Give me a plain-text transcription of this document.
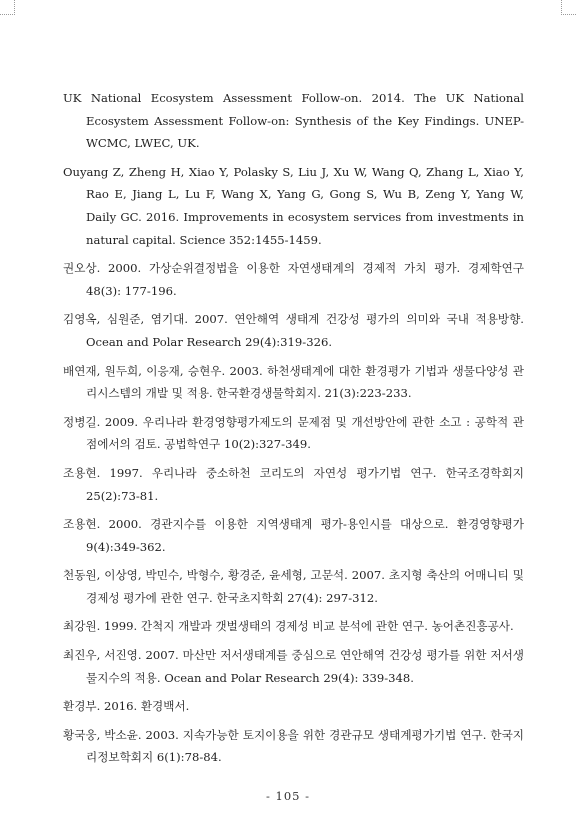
UK National Ecosystem Assessment Follow-on. 2014. The UK National Ecosystem Assessment Follow-on: Synthesis of the Key Findings. UNEP-WCMC, LWEC, UK.
Ouyang Z, Zheng H, Xiao Y, Polasky S, Liu J, Xu W, Wang Q, Zhang L, Xiao Y, Rao E, Jiang L, Lu F, Wang X, Yang G, Gong S, Wu B, Zeng Y, Yang W, Daily GC. 2016. Improvements in ecosystem services from investments in natural capital. Science 352:1455-1459.
권오상. 2000. 가상순위결정법을 이용한 자연생태계의 경제적 가치 평가. 경제학연구 48(3): 177-196.
김영옥, 심원준, 염기대. 2007. 연안해역 생태계 건강성 평가의 의미와 국내 적용방향. Ocean and Polar Research 29(4):319-326.
배연재, 원두희, 이응재, 승현우. 2003. 하천생태계에 대한 환경평가 기법과 생물다양성 관리시스템의 개발 및 적용. 한국환경생물학회지. 21(3):223-233.
정병길. 2009. 우리나라 환경영향평가제도의 문제점 및 개선방안에 관한 소고 : 공학적 관점에서의 검토. 공법학연구 10(2):327-349.
조용현. 1997. 우리나라 중소하천 코리도의 자연성 평가기법 연구. 한국조경학회지 25(2):73-81.
조용현. 2000. 경관지수를 이용한 지역생태계 평가-용인시를 대상으로. 환경영향평가 9(4):349-362.
천동원, 이상영, 박민수, 박형수, 황경준, 윤세형, 고문석. 2007. 초지형 축산의 어매니티 및 경제성 평가에 관한 연구. 한국초지학회 27(4): 297-312.
최강원. 1999. 간척지 개발과 갯벌생태의 경제성 비교 분석에 관한 연구. 농어촌진흥공사.
최진우, 서진영. 2007. 마산만 저서생태계를 중심으로 연안해역 건강성 평가를 위한 저서생물지수의 적용. Ocean and Polar Research 29(4): 339-348.
환경부. 2016. 환경백서.
황국웅, 박소윤. 2003. 지속가능한 토지이용을 위한 경관규모 생태계평가기법 연구. 한국지리정보학회지 6(1):78-84.
- 105 -
